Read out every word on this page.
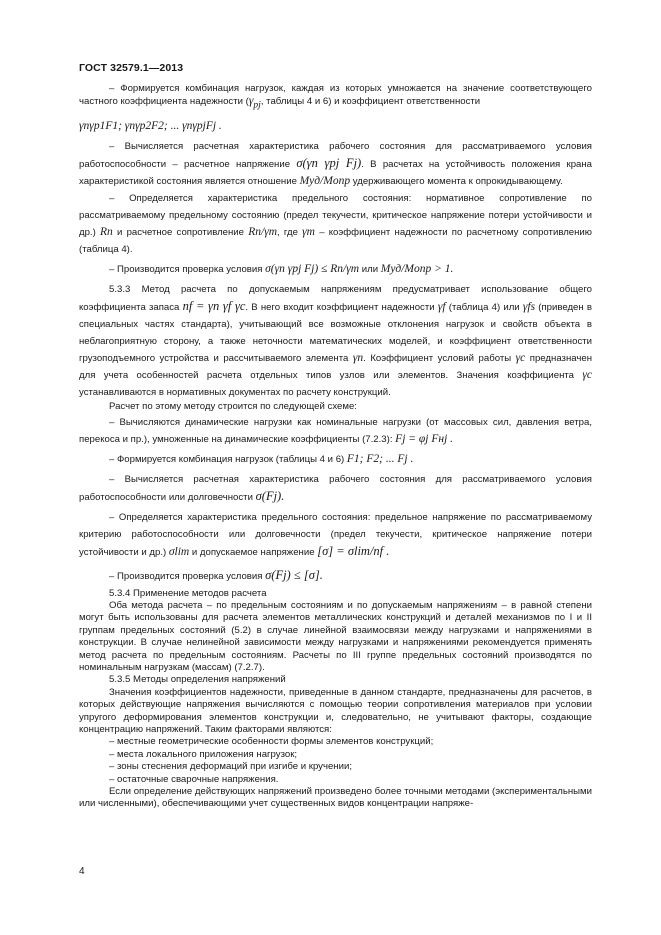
ГОСТ 32579.1—2013

– Формируется комбинация нагрузок, каждая из которых умножается на значение соответствующего частного коэффициента надежности ($\gamma_{pj}$, таблицы 4 и 6) и коэффициент ответственности

γnγp1F1; γnγp2F2; ... γnγpjFj .

– Вычисляется расчетная характеристика рабочего состояния для рассматриваемого условия работоспособности – расчетное напряжение σ(γn γpj Fj). В расчетах на устойчивость положения крана характеристикой состояния является отношение Mуд/Mопр удерживающего момента к опрокидывающему.

– Определяется характеристика предельного состояния: нормативное сопротивление по рассматриваемому предельному состоянию (предел текучести, критическое напряжение потери устойчивости и др.) Rn и расчетное сопротивление Rn/γm, где γm – коэффициент надежности по расчетному сопротивлению (таблица 4).

– Производится проверка условия σ(γn γpj Fj) ≤ Rn/γm или Mуд/Mопр > 1.

5.3.3 Метод расчета по допускаемым напряжениям предусматривает использование общего коэффициента запаса nf = γn γf γc. В него входит коэффициент надежности γf (таблица 4) или γfs (приведен в специальных частях стандарта), учитывающий все возможные отклонения нагрузок и свойств объекта в неблагоприятную сторону, а также неточности математических моделей, и коэффициент ответственности грузоподъемного устройства и рассчитываемого элемента γn. Коэффициент условий работы γc предназначен для учета особенностей расчета отдельных типов узлов или элементов. Значения коэффициента γc устанавливаются в нормативных документах по расчету конструкций.

Расчет по этому методу строится по следующей схеме:

– Вычисляются динамические нагрузки как номинальные нагрузки (от массовых сил, давления ветра, перекоса и пр.), умноженные на динамические коэффициенты (7.2.3): Fj = φj Fнj .

– Формируется комбинация нагрузок (таблицы 4 и 6) F1; F2; ... Fj .

– Вычисляется расчетная характеристика рабочего состояния для рассматриваемого условия работоспособности или долговечности σ(Fj).

– Определяется характеристика предельного состояния: предельное напряжение по рассматриваемому критерию работоспособности или долговечности (предел текучести, критическое напряжение потери устойчивости и др.) σlim и допускаемое напряжение [σ] = σlim/nf .

– Производится проверка условия σ(Fj) ≤ [σ].

5.3.4 Применение методов расчета

Оба метода расчета – по предельным состояниям и по допускаемым напряжениям – в равной степени могут быть использованы для расчета элементов металлических конструкций и деталей механизмов по I и II группам предельных состояний (5.2) в случае линейной взаимосвязи между нагрузками и напряжениями в конструкции. В случае нелинейной зависимости между нагрузками и напряжениями рекомендуется применять метод расчета по предельным состояниям. Расчеты по III группе предельных состояний производятся по номинальным нагрузкам (массам) (7.2.7).

5.3.5 Методы определения напряжений

Значения коэффициентов надежности, приведенные в данном стандарте, предназначены для расчетов, в которых действующие напряжения вычисляются с помощью теории сопротивления материалов при условии упругого деформирования элементов конструкции и, следовательно, не учитывают факторы, создающие концентрацию напряжений. Таким факторами являются:

– местные геометрические особенности формы элементов конструкций;

– места локального приложения нагрузок;

– зоны стеснения деформаций при изгибе и кручении;

– остаточные сварочные напряжения.

Если определение действующих напряжений произведено более точными методами (экспериментальными или численными), обеспечивающими учет существенных видов концентрации напряже-

4
